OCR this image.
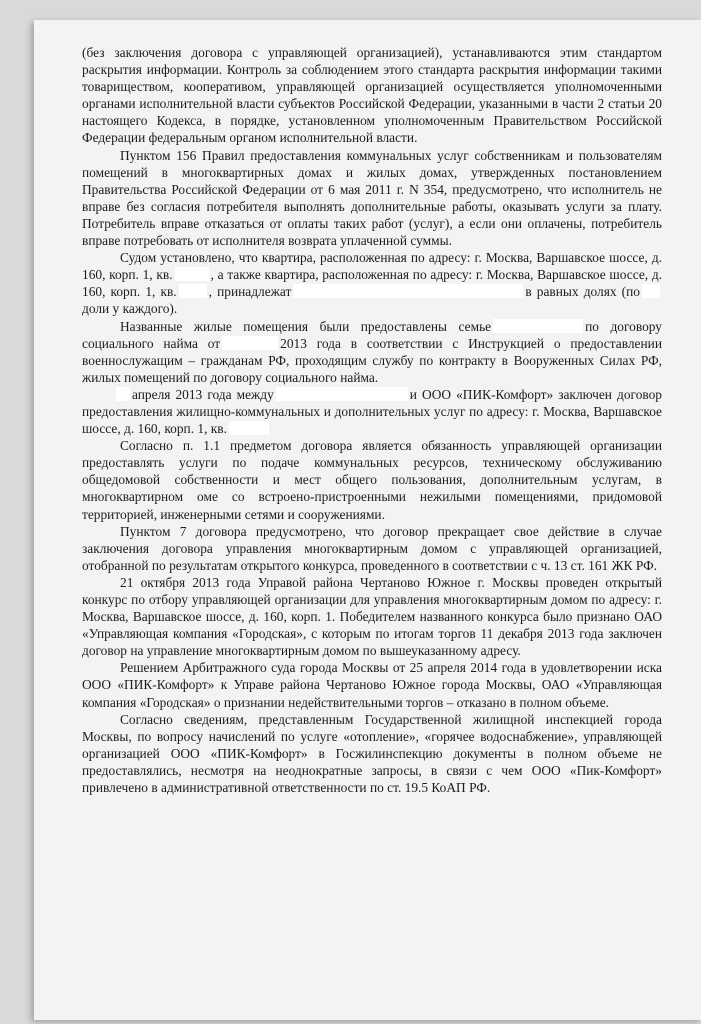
(без заключения договора с управляющей организацией), устанавливаются этим стандартом раскрытия информации. Контроль за соблюдением этого стандарта раскрытия информации такими товариществом, кооперативом, управляющей организацией осуществляется уполномоченными органами исполнительной власти субъектов Российской Федерации, указанными в части 2 статьи 20 настоящего Кодекса, в порядке, установленном уполномоченным Правительством Российской Федерации федеральным органом исполнительной власти.

Пунктом 156 Правил предоставления коммунальных услуг собственникам и пользователям помещений в многоквартирных домах и жилых домах, утвержденных постановлением Правительства Российской Федерации от 6 мая 2011 г. N 354, предусмотрено, что исполнитель не вправе без согласия потребителя выполнять дополнительные работы, оказывать услуги за плату. Потребитель вправе отказаться от оплаты таких работ (услуг), а если они оплачены, потребитель вправе потребовать от исполнителя возврата уплаченной суммы.

Судом установлено, что квартира, расположенная по адресу: г. Москва, Варшавское шоссе, д. 160, корп. 1, кв.	, а также квартира, расположенная по адресу: г. Москва, Варшавское шоссе, д. 160, корп. 1, кв. , принадлежат	в равных долях (подоли у каждого).

Названные жилые помещения были предоставлены семье	по договору социального найма от	2013 года в соответствии с Инструкцией о предоставлении военнослужащим – гражданам РФ, проходящим службу по контракту в Вооруженных Силах РФ, жилых помещений по договору социального найма.

апреля 2013 года между	и ООО «ПИК-Комфорт» заключен договор предоставления жилищно-коммунальных и дополнительных услуг по адресу: г. Москва, Варшавское шоссе, д. 160, корп. 1, кв.

Согласно п. 1.1 предметом договора является обязанность управляющей организации предоставлять услуги по подаче коммунальных ресурсов, техническому обслуживанию общедомовой собственности и мест общего пользования, дополнительным услугам, в многоквартирном оме со встроено-пристроенными нежилыми помещениями, придомовой территорией, инженерными сетями и сооружениями.

Пунктом 7 договора предусмотрено, что договор прекращает свое действие в случае заключения договора управления многоквартирным домом с управляющей организацией, отобранной по результатам открытого конкурса, проведенного в соответствии с ч. 13 ст. 161 ЖК РФ.

21 октября 2013 года Управой района Чертаново Южное г. Москвы проведен открытый конкурс по отбору управляющей организации для управления многоквартирным домом по адресу: г. Москва, Варшавское шоссе, д. 160, корп. 1. Победителем названного конкурса было признано ОАО «Управляющая компания «Городская», с которым по итогам торгов 11 декабря 2013 года заключен договор на управление многоквартирным домом по вышеуказанному адресу.

Решением Арбитражного суда города Москвы от 25 апреля 2014 года в удовлетворении иска ООО «ПИК-Комфорт» к Управе района Чертаново Южное города Москвы, ОАО «Управляющая компания «Городская» о признании недействительными торгов – отказано в полном объеме.

Согласно сведениям, представленным Государственной жилищной инспекцией города Москвы, по вопросу начислений по услуге «отопление», «горячее водоснабжение», управляющей организацией ООО «ПИК-Комфорт» в Госжилинспекцию документы в полном объеме не предоставлялись, несмотря на неоднократные запросы, в связи с чем ООО «Пик-Комфорт» привлечено в административной ответственности по ст. 19.5 КоАП РФ.
